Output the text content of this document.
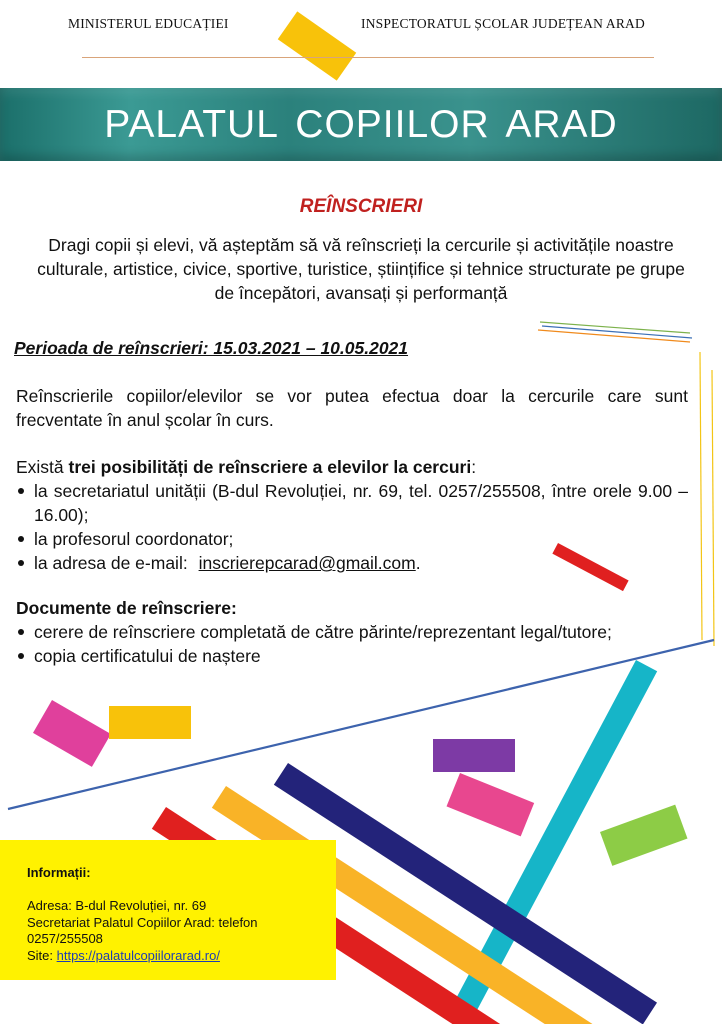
MINISTERUL EDUCAȚIEI	INSPECTORATUL ȘCOLAR JUDEȚEAN ARAD
PALATUL COPIILOR ARAD
REÎNSCRIERI
Dragi copii și elevi, vă așteptăm să vă reînscrieți la cercurile și activitățile noastre culturale, artistice, civice, sportive, turistice, științifice și tehnice structurate pe grupe de începători, avansați și performanță
Perioada de reînscrieri: 15.03.2021 – 10.05.2021
Reînscrierile copiilor/elevilor se vor putea efectua doar la cercurile care sunt frecventate în anul școlar în curs.
Există trei posibilități de reînscriere a elevilor la cercuri:
la secretariatul unității (B-dul Revoluției, nr. 69, tel. 0257/255508, între orele 9.00 – 16.00);
la profesorul coordonator;
la adresa de e-mail: inscrierepcarad@gmail.com.
Documente de reînscriere:
cerere de reînscriere completată de către părinte/reprezentant legal/tutore;
copia certificatului de naștere
Informații:
Adresa: B-dul Revoluției, nr. 69
Secretariat Palatul Copiilor Arad: telefon 0257/255508
Site: https://palatulcopiilorarad.ro/
